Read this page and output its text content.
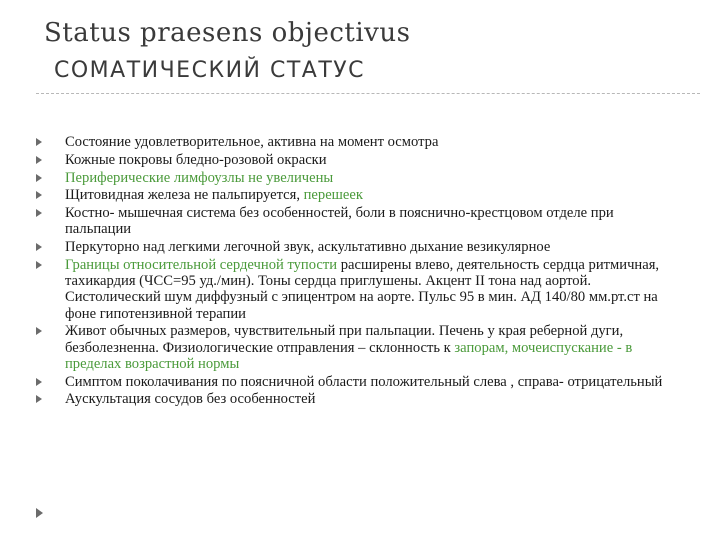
Status praesens objectivus
СОМАТИЧЕСКИЙ СТАТУС
Состояние удовлетворительное, активна на момент осмотра
Кожные покровы бледно-розовой окраски
Периферические лимфоузлы не увеличены
Щитовидная железа не пальпируется, перешеек
Костно- мышечная система без особенностей, боли в пояснично-крестцовом отделе при пальпации
Перкуторно над легкими легочной звук, аскультативно дыхание везикулярное
Границы относительной сердечной тупости расширены влево, деятельность сердца ритмичная, тахикардия (ЧСС=95 уд./мин). Тоны сердца приглушены. Акцент II тона над аортой. Систолический шум диффузный с эпицентром на аорте. Пульс 95 в мин. АД 140/80 мм.рт.ст на фоне гипотензивной терапии
Живот обычных размеров, чувствительный при пальпации. Печень у края реберной дуги, безболезненна. Физиологические отправления – склонность к запорам, мочеиспускание - в пределах возрастной нормы
Симптом поколачивания по поясничной области положительный слева , справа- отрицательный
Аускультация сосудов без особенностей
